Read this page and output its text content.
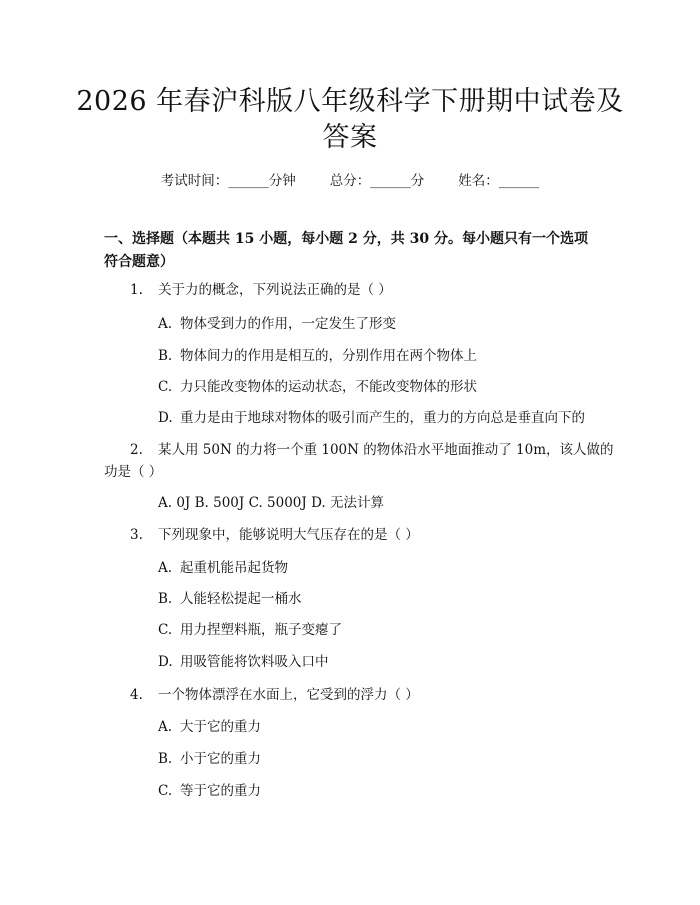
2026 年春沪科版八年级科学下册期中试卷及
答案
考试时间：______分钟	总分：______分	姓名：______
一、选择题（本题共 15 小题，每小题 2 分，共 30 分。每小题只有一个选项符合题意）
1. 关于力的概念，下列说法正确的是（ ）
A. 物体受到力的作用，一定发生了形变
B. 物体间力的作用是相互的，分别作用在两个物体上
C. 力只能改变物体的运动状态，不能改变物体的形状
D. 重力是由于地球对物体的吸引而产生的，重力的方向总是垂直向下的
2. 某人用 50N 的力将一个重 100N 的物体沿水平地面推动了 10m，该人做的
功是（ ）
A. 0J B. 500J C. 5000J D. 无法计算
3. 下列现象中，能够说明大气压存在的是（ ）
A. 起重机能吊起货物
B. 人能轻松提起一桶水
C. 用力捏塑料瓶，瓶子变瘪了
D. 用吸管能将饮料吸入口中
4. 一个物体漂浮在水面上，它受到的浮力（ ）
A. 大于它的重力
B. 小于它的重力
C. 等于它的重力
